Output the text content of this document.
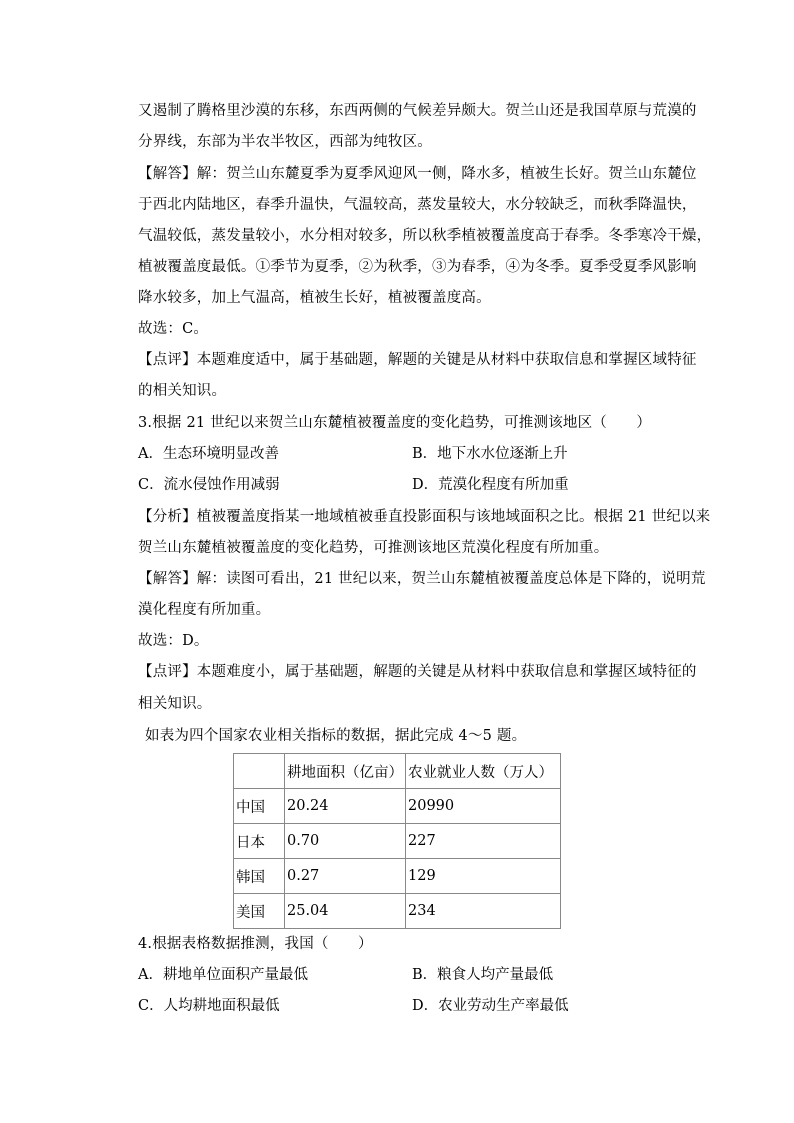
又遏制了腾格里沙漠的东移，东西两侧的气候差异颇大。贺兰山还是我国草原与荒漠的
分界线，东部为半农半牧区，西部为纯牧区。
【解答】解：贺兰山东麓夏季为夏季风迎风一侧，降水多，植被生长好。贺兰山东麓位
于西北内陆地区，春季升温快，气温较高，蒸发量较大，水分较缺乏，而秋季降温快，
气温较低，蒸发量较小，水分相对较多，所以秋季植被覆盖度高于春季。冬季寒冷干燥，
植被覆盖度最低。①季节为夏季，②为秋季，③为春季，④为冬季。夏季受夏季风影响
降水较多，加上气温高，植被生长好，植被覆盖度高。
故选：C。
【点评】本题难度适中，属于基础题，解题的关键是从材料中获取信息和掌握区域特征
的相关知识。
3.根据 21 世纪以来贺兰山东麓植被覆盖度的变化趋势，可推测该地区（　　）
A．生态环境明显改善	B．地下水水位逐渐上升
C．流水侵蚀作用减弱	D．荒漠化程度有所加重
【分析】植被覆盖度指某一地域植被垂直投影面积与该地域面积之比。根据 21 世纪以来
贺兰山东麓植被覆盖度的变化趋势，可推测该地区荒漠化程度有所加重。
【解答】解：读图可看出，21 世纪以来，贺兰山东麓植被覆盖度总体是下降的，说明荒
漠化程度有所加重。
故选：D。
【点评】本题难度小，属于基础题，解题的关键是从材料中获取信息和掌握区域特征的
相关知识。
如表为四个国家农业相关指标的数据，据此完成 4～5 题。
	耕地面积（亿亩）	农业就业人数（万人）
中国	20.24	20990
日本	0.70	227
韩国	0.27	129
美国	25.04	234
4.根据表格数据推测，我国（　　）
A．耕地单位面积产量最低	B．粮食人均产量最低
C．人均耕地面积最低	D．农业劳动生产率最低
